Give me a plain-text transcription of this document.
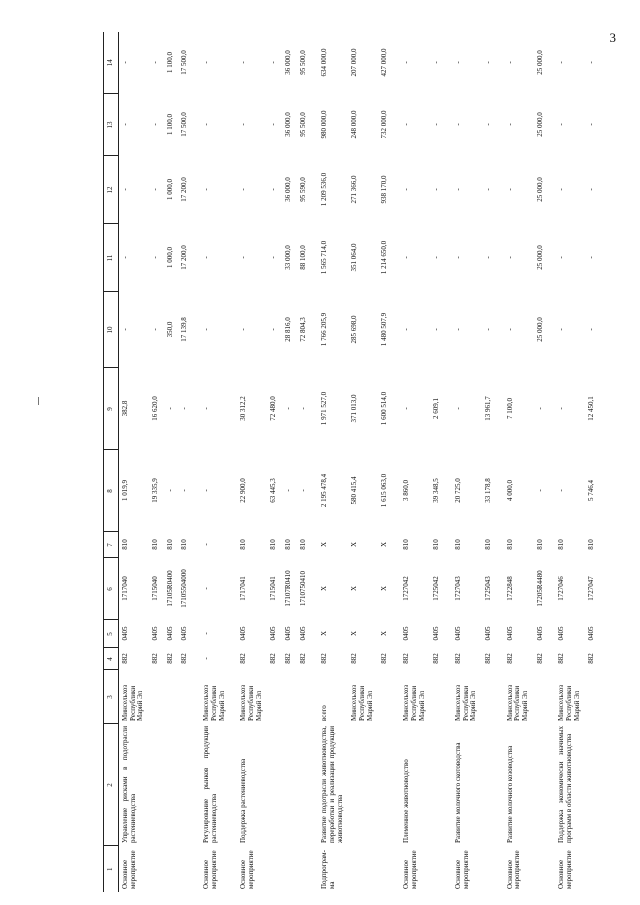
3
1	2	3	4	5	6	7	8	9	10	11	12	13	14
Основное мероприятие	Управление рисками в подотрасли растениеводства	Минсельхоз Республики Марий Эл	882	0405	1717040	810	1 019,9	382,8	-	-	-	-	-
			882	0405	1715040	810	19 335,9	16 620,0	-	-	-	-	-
			882	0405	17105R0400	810	-	-	350,0	1 000,0	1 000,0	1 100,0	1 100,0
			882	0405	17105504000	810	-	-	17 139,8	17 200,0	17 200,0	17 500,0	17 500,0

Основное мероприятие	Регулирование рынков продукции растениеводства	Минсельхоз Республики Марий Эл	-	-	-	-	-	-	-	-	-	-	-

Основное мероприятие	Поддержка растениеводства	Минсельхоз Республики Марий Эл	882	0405	1717041	810	22 900,0	30 312,2	-	-	-	-	-
			882	0405	1715041	810	63 445,3	72 480,0	-	-	-	-	-
			882	0405	17107R0410	810	-	-	28 816,0	33 000,0	36 000,0	36 000,0	36 000,0
			882	0405	1710750410	810	-	-	72 804,3	88 100,0	95 590,0	95 500,0	95 500,0

Подпрограм-ма	Развитие подотрасли животноводства, переработки и реализации продукции животноводства	всего	882	X	X	X	2 195 478,4	1 971 527,0	1 766 205,9	1 565 714,0	1 209 536,0	980 000,0	634 000,0
		Минсельхоз Республики Марий Эл	882	X	X	X	580 415,4	371 013,0	285 698,0	351 064,0	271 366,0	248 000,0	207 000,0
			882	X	X	X	1 615 063,0	1 600 514,0	1 480 507,9	1 214 650,0	938 170,0	732 000,0	427 000,0

Основное мероприятие	Племенное животноводство	Минсельхоз Республики Марий Эл	882	0405	1727042	810	3 860,0	-	-	-	-	-	-
			882	0405	1725042	810	39 348,5	2 609,1	-	-	-	-	-

Основное мероприятие	Развитие молочного скотоводства	Минсельхоз Республики Марий Эл	882	0405	1727043	810	20 725,0	-	-	-	-	-	-
			882	0405	1725043	810	33 178,8	13 961,7	-	-	-	-	-

Основное мероприятие	Развитие молочного козоводства	Минсельхоз Республики Марий Эл	882	0405	1722848	810	4 000,0	7 100,0	-	-	-	-	-
			882	0405	17205R4480	810	-	-	25 000,0	25 000,0	25 000,0	25 000,0	25 000,0

Основное мероприятие	Поддержка экономически значимых программ в области животноводства	Минсельхоз Республики Марий Эл	882	0405	1727046	810	-	-	-	-	-	-	-
			882	0405	1727047	810	5 746,4	12 450,1	-	-	-	-	-
